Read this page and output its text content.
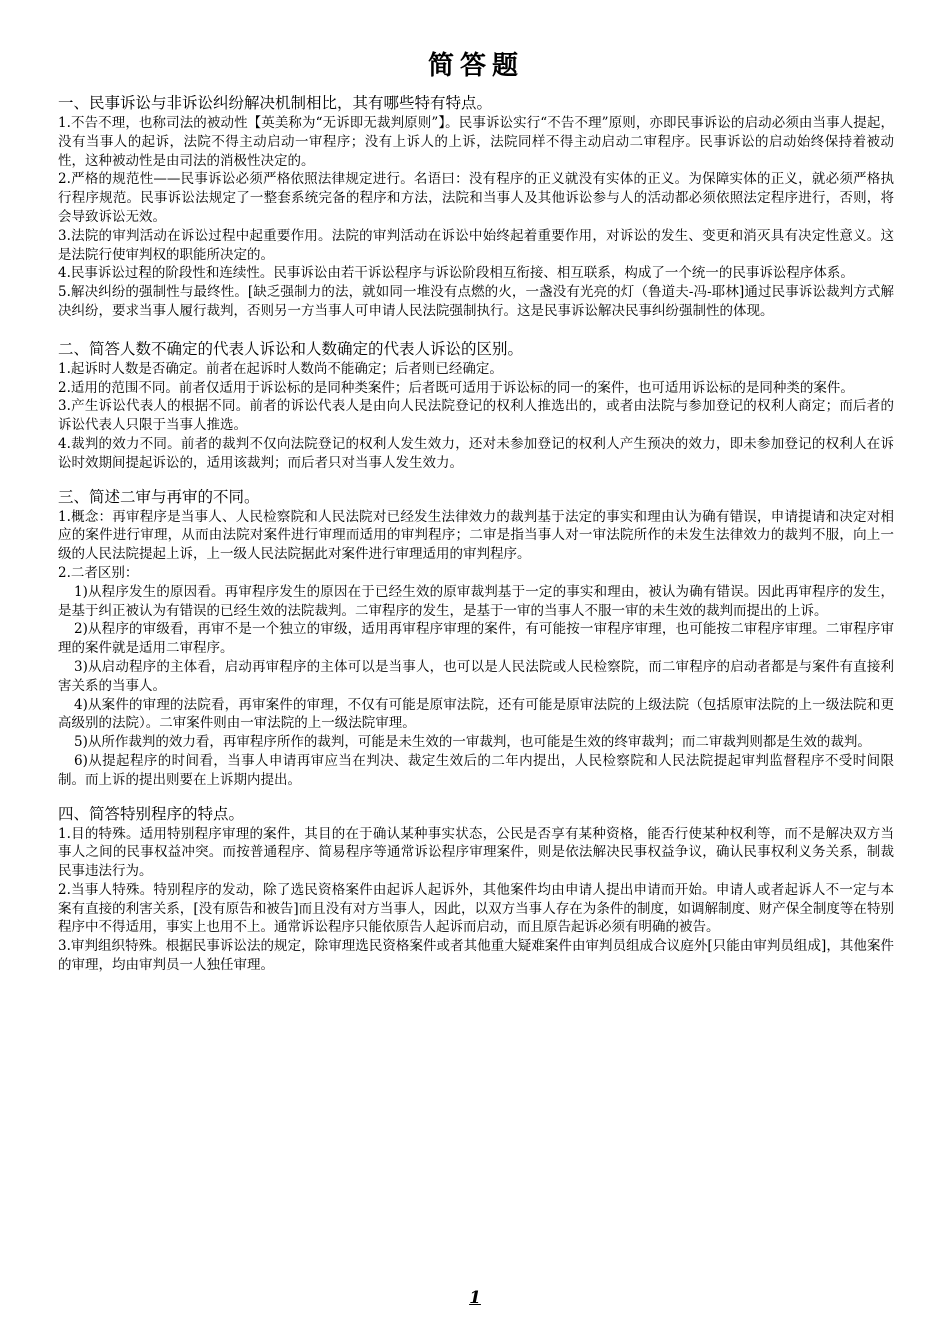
简答题

一、民事诉讼与非诉讼纠纷解决机制相比，其有哪些特有特点。

1.不告不理，也称司法的被动性【英美称为“无诉即无裁判原则”】。民事诉讼实行“不告不理”原则，亦即民事诉讼的启动必须由当事人提起，没有当事人的起诉，法院不得主动启动一审程序；没有上诉人的上诉，法院同样不得主动启动二审程序。民事诉讼的启动始终保持着被动性，这种被动性是由司法的消极性决定的。

2.严格的规范性——民事诉讼必须严格依照法律规定进行。名语曰：没有程序的正义就没有实体的正义。为保障实体的正义，就必须严格执行程序规范。民事诉讼法规定了一整套系统完备的程序和方法，法院和当事人及其他诉讼参与人的活动都必须依照法定程序进行，否则，将会导致诉讼无效。

3.法院的审判活动在诉讼过程中起重要作用。法院的审判活动在诉讼中始终起着重要作用，对诉讼的发生、变更和消灭具有决定性意义。这是法院行使审判权的职能所决定的。

4.民事诉讼过程的阶段性和连续性。民事诉讼由若干诉讼程序与诉讼阶段相互衔接、相互联系，构成了一个统一的民事诉讼程序体系。

5.解决纠纷的强制性与最终性。[缺乏强制力的法，就如同一堆没有点燃的火，一盏没有光亮的灯（鲁道夫-冯-耶林]通过民事诉讼裁判方式解决纠纷，要求当事人履行裁判，否则另一方当事人可申请人民法院强制执行。这是民事诉讼解决民事纠纷强制性的体现。

二、简答人数不确定的代表人诉讼和人数确定的代表人诉讼的区别。

1.起诉时人数是否确定。前者在起诉时人数尚不能确定；后者则已经确定。

2.适用的范围不同。前者仅适用于诉讼标的是同种类案件；后者既可适用于诉讼标的同一的案件，也可适用诉讼标的是同种类的案件。

3.产生诉讼代表人的根据不同。前者的诉讼代表人是由向人民法院登记的权利人推选出的，或者由法院与参加登记的权利人商定；而后者的诉讼代表人只限于当事人推选。

4.裁判的效力不同。前者的裁判不仅向法院登记的权利人发生效力，还对未参加登记的权利人产生预决的效力，即未参加登记的权利人在诉讼时效期间提起诉讼的，适用该裁判；而后者只对当事人发生效力。

三、简述二审与再审的不同。

1.概念：再审程序是当事人、人民检察院和人民法院对已经发生法律效力的裁判基于法定的事实和理由认为确有错误，申请提请和决定对相应的案件进行审理，从而由法院对案件进行审理而适用的审判程序；二审是指当事人对一审法院所作的未发生法律效力的裁判不服，向上一级的人民法院提起上诉，上一级人民法院据此对案件进行审理适用的审判程序。

2.二者区别：

1)从程序发生的原因看。再审程序发生的原因在于已经生效的原审裁判基于一定的事实和理由，被认为确有错误。因此再审程序的发生，是基于纠正被认为有错误的已经生效的法院裁判。二审程序的发生，是基于一审的当事人不服一审的未生效的裁判而提出的上诉。

2)从程序的审级看，再审不是一个独立的审级，适用再审程序审理的案件，有可能按一审程序审理，也可能按二审程序审理。二审程序审理的案件就是适用二审程序。

3)从启动程序的主体看，启动再审程序的主体可以是当事人，也可以是人民法院或人民检察院，而二审程序的启动者都是与案件有直接利害关系的当事人。

4)从案件的审理的法院看，再审案件的审理，不仅有可能是原审法院，还有可能是原审法院的上级法院（包括原审法院的上一级法院和更高级别的法院）。二审案件则由一审法院的上一级法院审理。

5)从所作裁判的效力看，再审程序所作的裁判，可能是未生效的一审裁判，也可能是生效的终审裁判；而二审裁判则都是生效的裁判。

6)从提起程序的时间看，当事人申请再审应当在判决、裁定生效后的二年内提出，人民检察院和人民法院提起审判监督程序不受时间限制。而上诉的提出则要在上诉期内提出。

四、简答特别程序的特点。

1.目的特殊。适用特别程序审理的案件，其目的在于确认某种事实状态，公民是否享有某种资格，能否行使某种权利等，而不是解决双方当事人之间的民事权益冲突。而按普通程序、简易程序等通常诉讼程序审理案件，则是依法解决民事权益争议，确认民事权利义务关系，制裁民事违法行为。

2.当事人特殊。特别程序的发动，除了选民资格案件由起诉人起诉外，其他案件均由申请人提出申请而开始。申请人或者起诉人不一定与本案有直接的利害关系，[没有原告和被告]而且没有对方当事人，因此，以双方当事人存在为条件的制度，如调解制度、财产保全制度等在特别程序中不得适用，事实上也用不上。通常诉讼程序只能依原告人起诉而启动，而且原告起诉必须有明确的被告。

3.审判组织特殊。根据民事诉讼法的规定，除审理选民资格案件或者其他重大疑难案件由审判员组成合议庭外[只能由审判员组成]，其他案件的审理，均由审判员一人独任审理。

1
